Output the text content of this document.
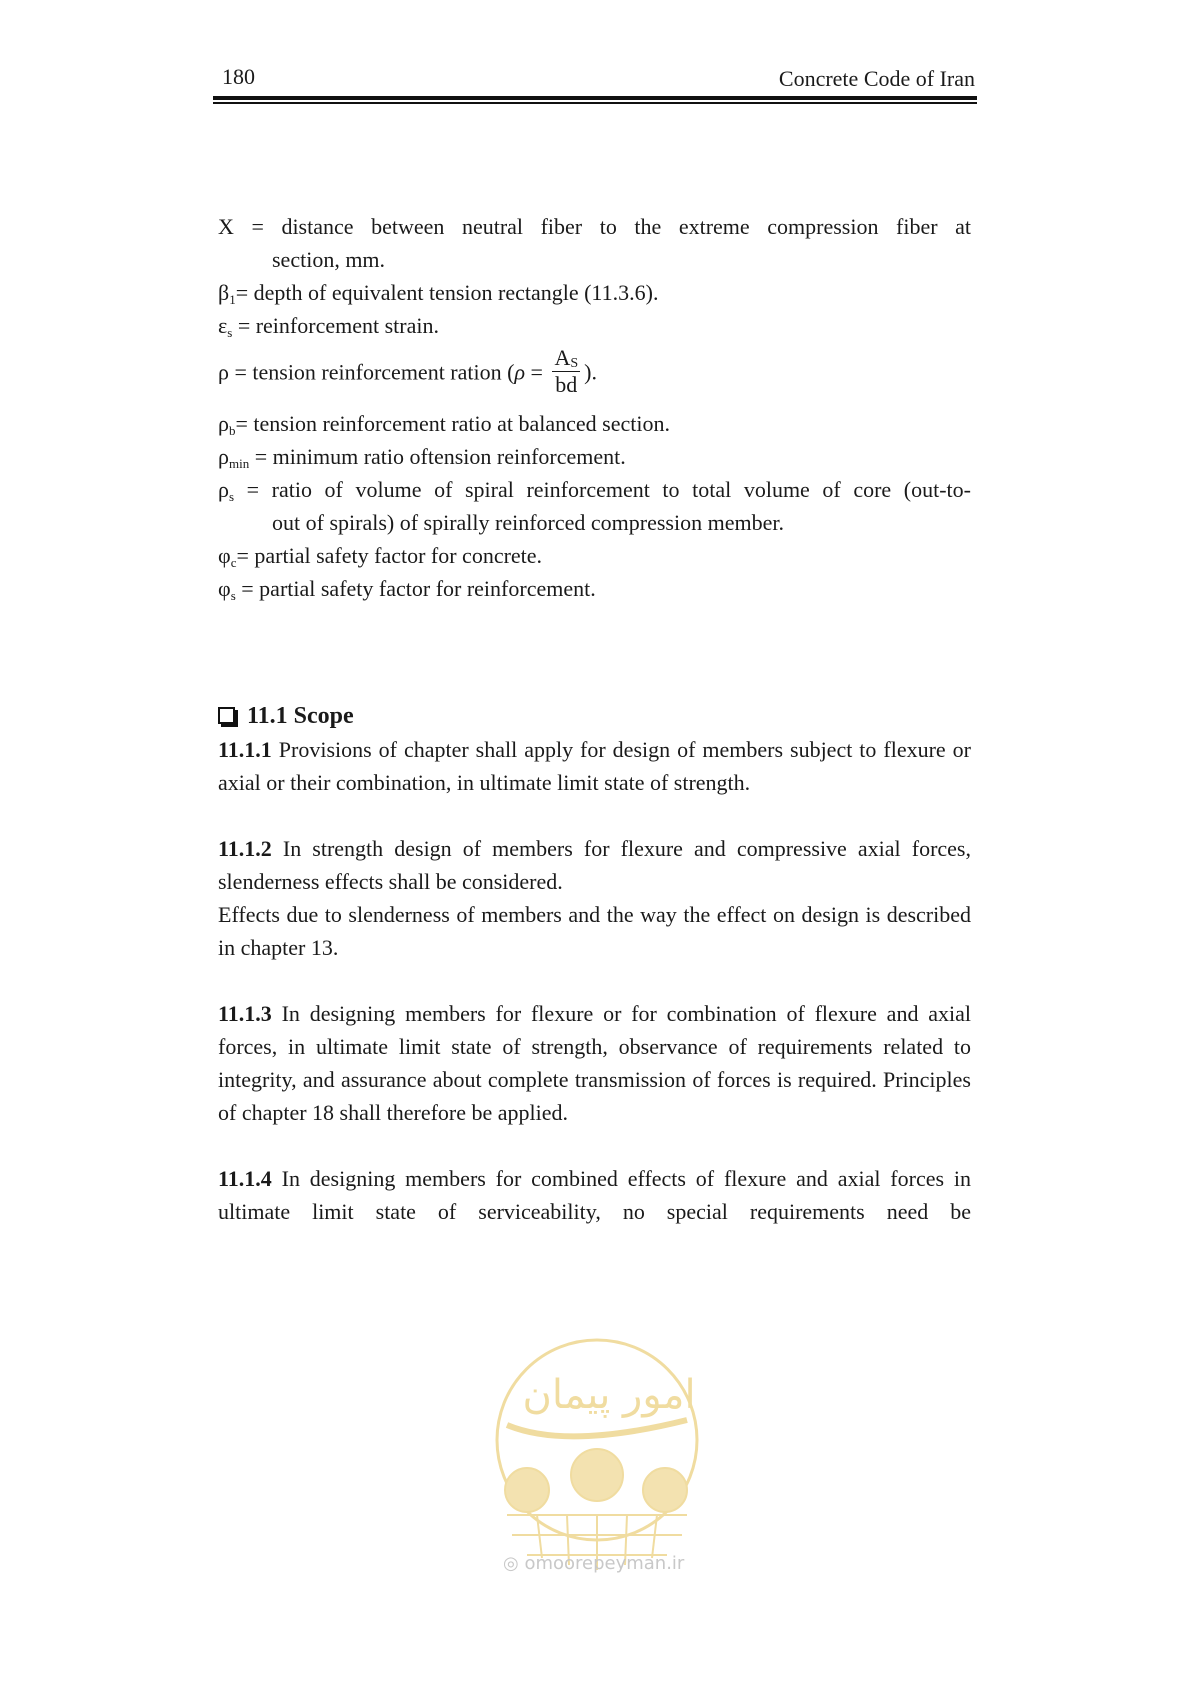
180	Concrete Code of Iran

X = distance between neutral fiber to the extreme compression fiber at
section, mm.

$\beta_1=$ depth of equivalent tension rectangle (11.3.6).

$\varepsilon_s$ = reinforcement strain.

ρ = tension reinforcement ration ($\rho = \frac{A_S}{bd}$ ).

$\rho_b=$ tension reinforcement ratio at balanced section.

$\rho_{min}$ = minimum ratio oftension reinforcement.

$\rho_s$ = ratio of volume of spiral reinforcement to total volume of core (out-to-
out of spirals) of spirally reinforced compression member.

$\varphi_c=$ partial safety factor for concrete.

$\varphi_s$ = partial safety factor for reinforcement.

11.1 Scope

11.1.1 Provisions of chapter shall apply for design of members subject to flexure or axial or their combination, in ultimate limit state of strength.

11.1.2 In strength design of members for flexure and compressive axial forces, slenderness effects shall be considered.

Effects due to slenderness of members and the way the effect on design is described in chapter 13.

11.1.3 In designing members for flexure or for combination of flexure and axial forces, in ultimate limit state of strength, observance of requirements related to integrity, and assurance about complete transmission of forces is required. Principles of chapter 18 shall therefore be applied.

11.1.4 In designing members for combined effects of flexure and axial forces in ultimate limit state of serviceability, no special requirements need be

امور پیمان
◎ omoorepeyman.ir
